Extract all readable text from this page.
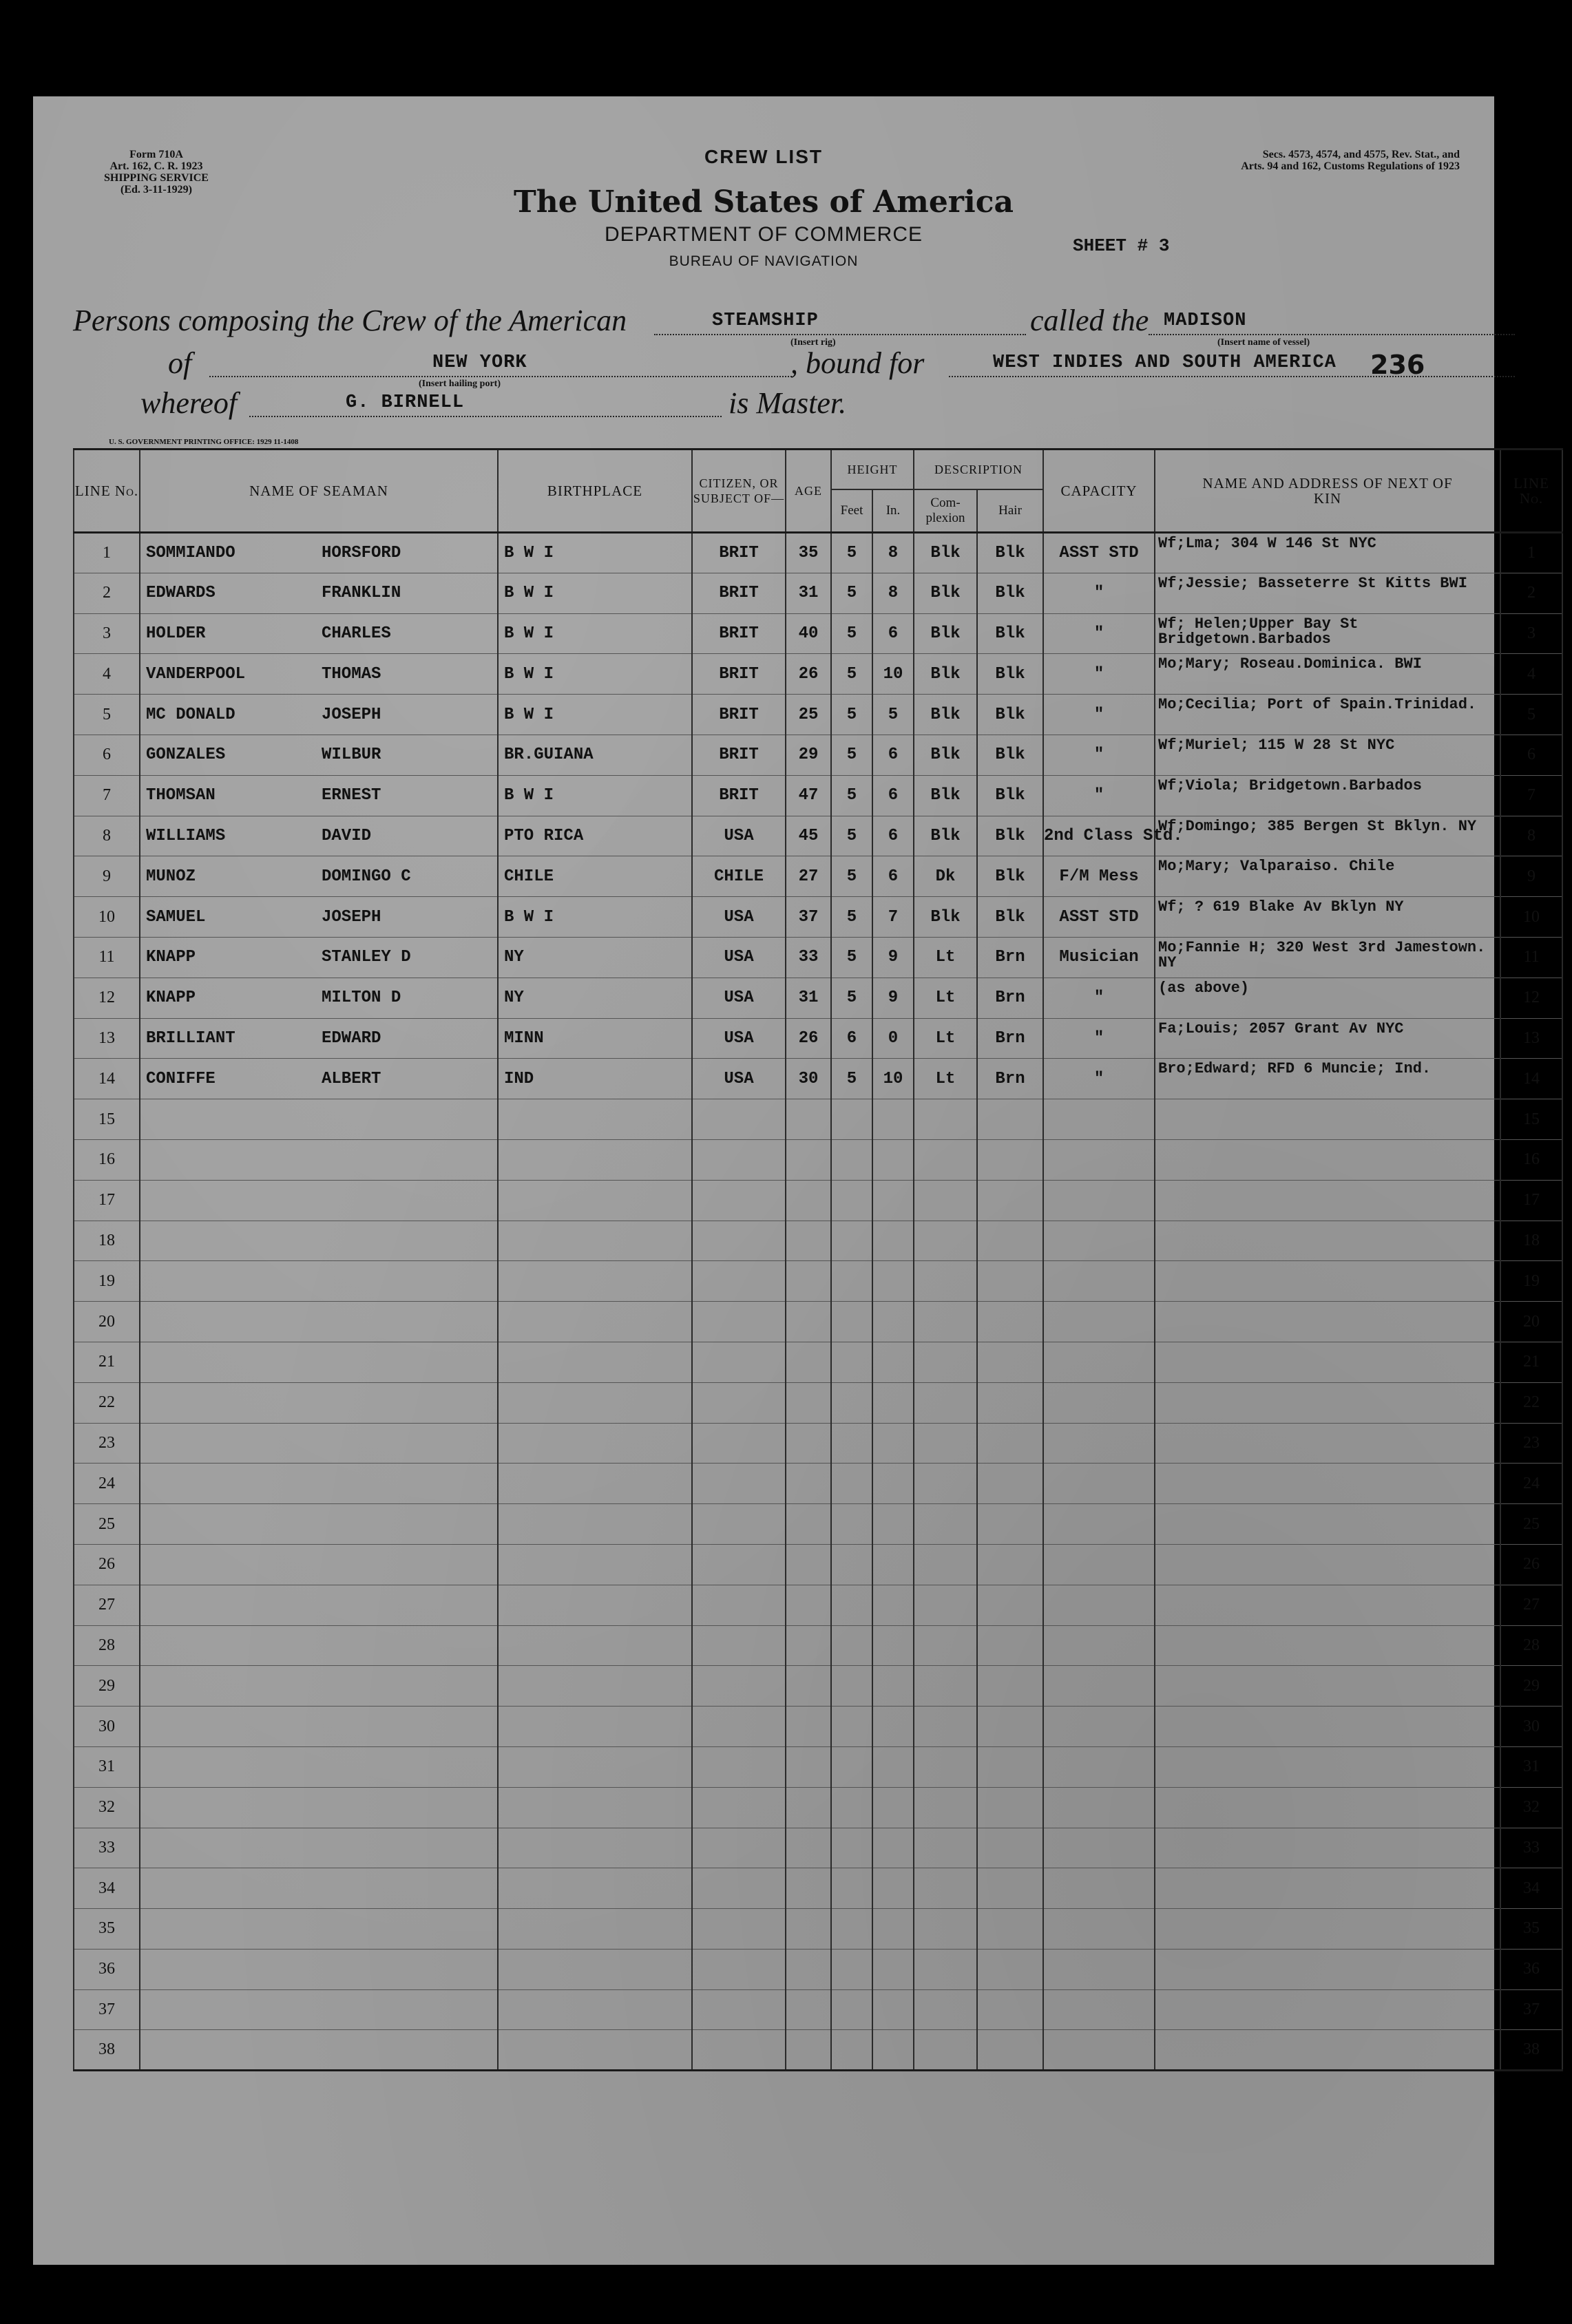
Form 710A
Art. 162, C. R. 1923
SHIPPING SERVICE
(Ed. 3-11-1929)
Secs. 4573, 4574, and 4575, Rev. Stat., and
Arts. 94 and 162, Customs Regulations of 1923
CREW LIST
The United States of America
DEPARTMENT OF COMMERCE
BUREAU OF NAVIGATION
SHEET # 3
Persons composing the Crew of the American	STEAMSHIP
(Insert rig)
called the MADISON
(Insert name of vessel)
of	NEW YORK
(Insert hailing port)
, bound for	WEST INDIES AND SOUTH AMERICA 236
whereof	G. BIRNELL	is Master.
U. S. GOVERNMENT PRINTING OFFICE: 1929 11-1408
LINE No.	NAME OF SEAMAN	BIRTHPLACE	CITIZEN, OR SUBJECT OF—	AGE	HEIGHT		DESCRIPTION		CAPACITY	NAME AND ADDRESS OF NEXT OF KIN	LINE No.
					Feet	In.	Com- plexion	Hair			
1	SOMMIANDO HORSFORD	B W I	BRIT	35	5	8	Blk	Blk	ASST STD	Wf;Lma; 304 W 146 St NYC	1
2	EDWARDS FRANKLIN	B W I	BRIT	31	5	8	Blk	Blk	"	Wf;Jessie; Basseterre St Kitts BWI	2
3	HOLDER CHARLES	B W I	BRIT	40	5	6	Blk	Blk	"	Wf; Helen;Upper Bay St Bridgetown.Barbados	3
4	VANDERPOOL THOMAS	B W I	BRIT	26	5	10	Blk	Blk	"	Mo;Mary; Roseau.Dominica. BWI	4
5	MC DONALD JOSEPH	B W I	BRIT	25	5	5	Blk	Blk	"	Mo;Cecilia; Port of Spain.Trinidad.	5
6	GONZALES WILBUR	BR.GUIANA	BRIT	29	5	6	Blk	Blk	"	Wf;Muriel; 115 W 28 St NYC	6
7	THOMSAN ERNEST	B W I	BRIT	47	5	6	Blk	Blk	"	Wf;Viola; Bridgetown.Barbados	7
8	WILLIAMS DAVID	PTO RICA	USA	45	5	6	Blk	Blk	2nd Class Std.	Wf;Domingo; 385 Bergen St Bklyn. NY	8
9	MUNOZ DOMINGO C	CHILE	CHILE	27	5	6	Dk	Blk	F/M Mess	Mo;Mary; Valparaiso. Chile	9
10	SAMUEL JOSEPH	B W I	USA	37	5	7	Blk	Blk	ASST STD	Wf; ? 619 Blake Av Bklyn NY	10
11	KNAPP STANLEY D	NY	USA	33	5	9	Lt	Brn	Musician	Mo;Fannie H; 320 West 3rd Jamestown. NY	11
12	KNAPP MILTON D	NY	USA	31	5	9	Lt	Brn	"	(as above)	12
13	BRILLIANT EDWARD	MINN	USA	26	6	0	Lt	Brn	"	Fa;Louis; 2057 Grant Av NYC	13
14	CONIFFE ALBERT	IND	USA	30	5	10	Lt	Brn	"	Bro;Edward; RFD 6 Muncie; Ind.	14
15											15
16											16
17											17
18											18
19											19
20											20
21											21
22											22
23											23
24											24
25											25
26											26
27											27
28											28
29											29
30											30
31											31
32											32
33											33
34											34
35											35
36											36
37											37
38											38
